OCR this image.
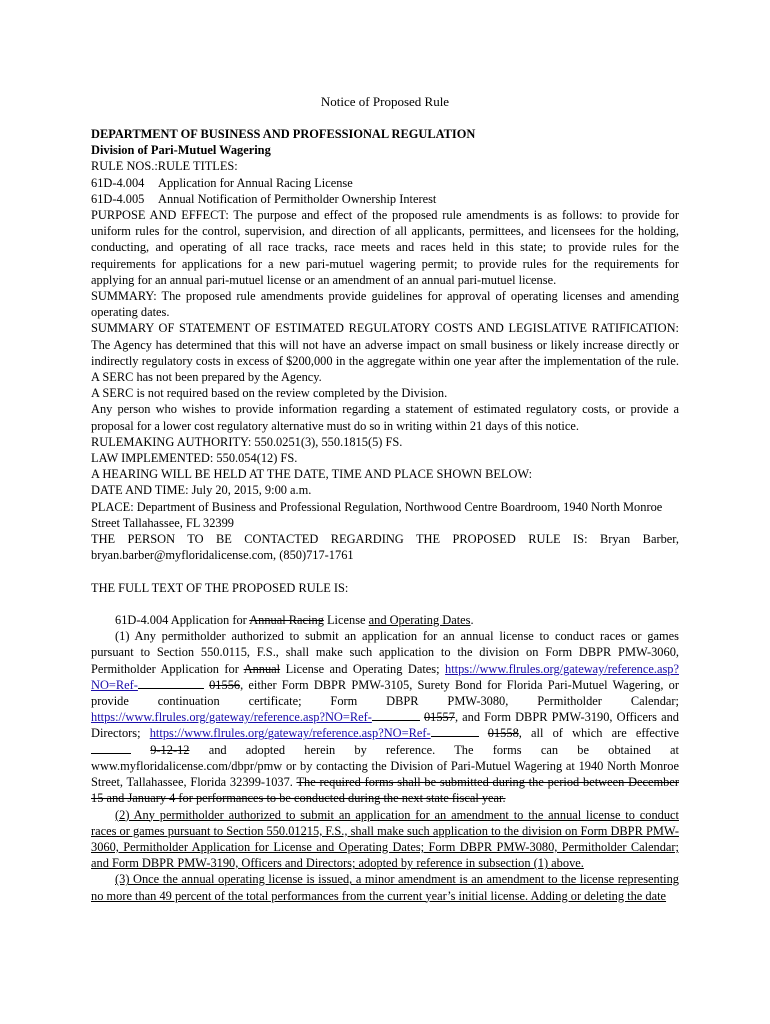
Notice of Proposed Rule

DEPARTMENT OF BUSINESS AND PROFESSIONAL REGULATION

Division of Pari-Mutuel Wagering

RULE NOS.:RULE TITLES:

61D-4.004 Application for Annual Racing License

61D-4.005 Annual Notification of Permitholder Ownership Interest

PURPOSE AND EFFECT: The purpose and effect of the proposed rule amendments is as follows: to provide for uniform rules for the control, supervision, and direction of all applicants, permittees, and licensees for the holding, conducting, and operating of all race tracks, race meets and races held in this state; to provide rules for the requirements for applications for a new pari-mutuel wagering permit; to provide rules for the requirements for applying for an annual pari-mutuel license or an amendment of an annual pari-mutuel license.

SUMMARY: The proposed rule amendments provide guidelines for approval of operating licenses and amending operating dates.

SUMMARY OF STATEMENT OF ESTIMATED REGULATORY COSTS AND LEGISLATIVE RATIFICATION: The Agency has determined that this will not have an adverse impact on small business or likely increase directly or indirectly regulatory costs in excess of $200,000 in the aggregate within one year after the implementation of the rule. A SERC has not been prepared by the Agency.

A SERC is not required based on the review completed by the Division.

Any person who wishes to provide information regarding a statement of estimated regulatory costs, or provide a proposal for a lower cost regulatory alternative must do so in writing within 21 days of this notice.

RULEMAKING AUTHORITY: 550.0251(3), 550.1815(5) FS.

LAW IMPLEMENTED: 550.054(12) FS.

A HEARING WILL BE HELD AT THE DATE, TIME AND PLACE SHOWN BELOW:

DATE AND TIME: July 20, 2015, 9:00 a.m.

PLACE: Department of Business and Professional Regulation, Northwood Centre Boardroom, 1940 North Monroe Street Tallahassee, FL 32399

THE PERSON TO BE CONTACTED REGARDING THE PROPOSED RULE IS: Bryan Barber, bryan.barber@myfloridalicense.com, (850)717-1761

THE FULL TEXT OF THE PROPOSED RULE IS:

61D-4.004 Application for Annual Racing License and Operating Dates.

(1) Any permitholder authorized to submit an application for an annual license to conduct races or games pursuant to Section 550.0115, F.S., shall make such application to the division on Form DBPR PMW-3060, Permitholder Application for Annual License and Operating Dates; https://www.flrules.org/gateway/reference.asp?NO=Ref-	01556, either Form DBPR PMW-3105, Surety Bond for Florida Pari-Mutuel Wagering, or provide continuation certificate; Form DBPR PMW-3080, Permitholder Calendar; https://www.flrules.org/gateway/reference.asp?NO=Ref-	01557, and Form DBPR PMW-3190, Officers and Directors; https://www.flrules.org/gateway/reference.asp?NO=Ref-	01558, all of which are effective  9-12-12 and adopted herein by reference. The forms can be obtained at www.myfloridalicense.com/dbpr/pmw or by contacting the Division of Pari-Mutuel Wagering at 1940 North Monroe Street, Tallahassee, Florida 32399-1037. The required forms shall be submitted during the period between December 15 and January 4 for performances to be conducted during the next state fiscal year.

(2) Any permitholder authorized to submit an application for an amendment to the annual license to conduct races or games pursuant to Section 550.01215, F.S., shall make such application to the division on Form DBPR PMW-3060, Permitholder Application for License and Operating Dates; Form DBPR PMW-3080, Permitholder Calendar; and Form DBPR PMW-3190, Officers and Directors; adopted by reference in subsection (1) above.

(3) Once the annual operating license is issued, a minor amendment is an amendment to the license representing no more than 49 percent of the total performances from the current year’s initial license. Adding or deleting the date
